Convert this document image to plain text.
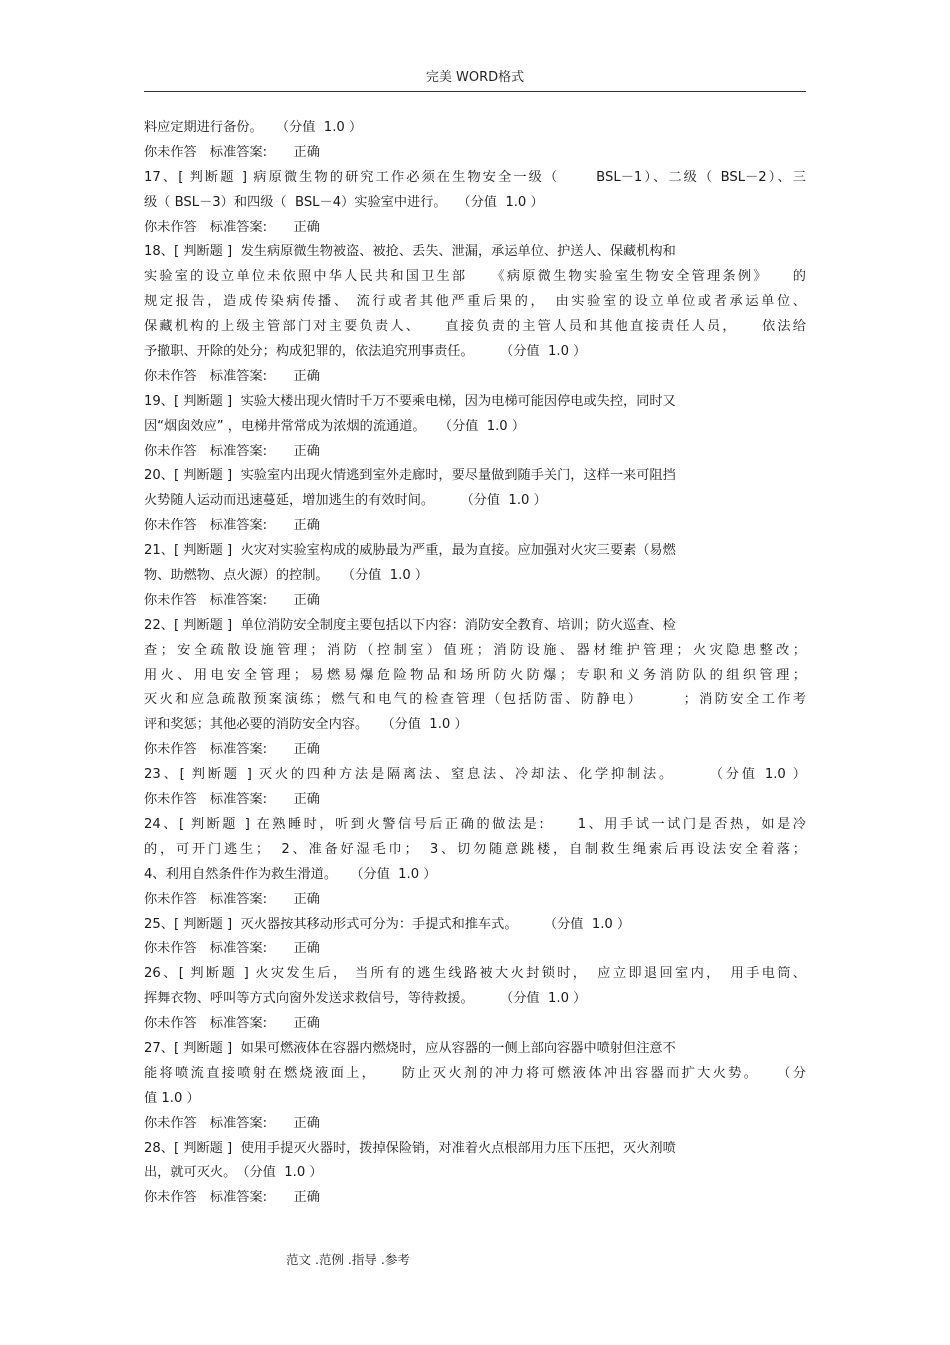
完美 WORD格式
料应定期进行备份。　　（分值  1.0 ）
你未作答　标准答案:　　正确
17、[ 判断题 ] 病原微生物的研究工作必须在生物安全一级（　　 BSL－1）、二级（ BSL－2）、三
级（ BSL－3）和四级（  BSL－4）实验室中进行。　 （分值  1.0 ）
你未作答　标准答案:　　正确
18、[ 判断题 ]  发生病原微生物被盗、被抢、丢失、泄漏，承运单位、护送人、保藏机构和
实验室的设立单位未依照中华人民共和国卫生部　　《病原微生物实验室生物安全管理条例》　　的
规定报告，造成传染病传播、 流行或者其他严重后果的，　由实验室的设立单位或者承运单位、
保藏机构的上级主管部门对主要负责人、　　直接负责的主管人员和其他直接责任人员，　　依法给
予撤职、开除的处分；构成犯罪的，依法追究刑事责任。　　　（分值  1.0 ）
你未作答　标准答案:　　正确
19、[ 判断题 ]  实验大楼出现火情时千万不要乘电梯，因为电梯可能因停电或失控，同时又
因“烟囱效应” ，电梯井常常成为浓烟的流通道。　　（分值  1.0 ）
你未作答　标准答案:　　正确
20、[ 判断题 ]  实验室内出现火情逃到室外走廊时，要尽量做到随手关门，这样一来可阻挡
火势随人运动而迅速蔓延，增加逃生的有效时间。　　　（分值  1.0 ）
你未作答　标准答案:　　正确
21、[ 判断题 ]  火灾对实验室构成的威胁最为严重，最为直接。应加强对火灾三要素（易燃
物、助燃物、点火源）的控制。　　（分值  1.0 ）
你未作答　标准答案:　　正确
22、[ 判断题 ]  单位消防安全制度主要包括以下内容：消防安全教育、培训；防火巡查、检
查；安全疏散设施管理；消防（控制室）值班；消防设施、器材维护管理；火灾隐患整改；
用火、用电安全管理；易燃易爆危险物品和场所防火防爆；专职和义务消防队的组织管理；
灭火和应急疏散预案演练；燃气和电气的检查管理（包括防雷、防静电）　　　；消防安全工作考
评和奖惩；其他必要的消防安全内容。　　（分值  1.0 ）
你未作答　标准答案:　　正确
23、[ 判断题 ] 灭火的四种方法是隔离法、窒息法、冷却法、化学抑制法。　　　（分值 1.0 ）
你未作答　标准答案:　　正确
24、[ 判断题 ] 在熟睡时，听到火警信号后正确的做法是:　　1、用手试一试门是否热，如是冷
的，可开门逃生；　2、准备好湿毛巾；　3、切勿随意跳楼，自制救生绳索后再设法安全着落；
4、利用自然条件作为救生滑道。　　（分值  1.0 ）
你未作答　标准答案:　　正确
25、[ 判断题 ]  灭火器按其移动形式可分为：手提式和推车式。　　　（分值  1.0 ）
你未作答　标准答案:　　正确
26、[ 判断题 ] 火灾发生后， 当所有的逃生线路被大火封锁时，　应立即退回室内，　用手电筒、
挥舞衣物、呼叫等方式向窗外发送求救信号，等待救援。　　　（分值  1.0 ）
你未作答　标准答案:　　正确
27、[ 判断题 ]  如果可燃液体在容器内燃烧时，应从容器的一侧上部向容器中喷射但注意不
能将喷流直接喷射在燃烧液面上，　　防止灭火剂的冲力将可燃液体冲出容器而扩大火势。　　（分
值 1.0 ）
你未作答　标准答案:　　正确
28、[ 判断题 ]  使用手提灭火器时，拨掉保险销，对准着火点根部用力压下压把，灭火剂喷
出，就可灭火。　（分值  1.0 ）
你未作答　标准答案:　　正确
范文 .范例 .指导 .参考
